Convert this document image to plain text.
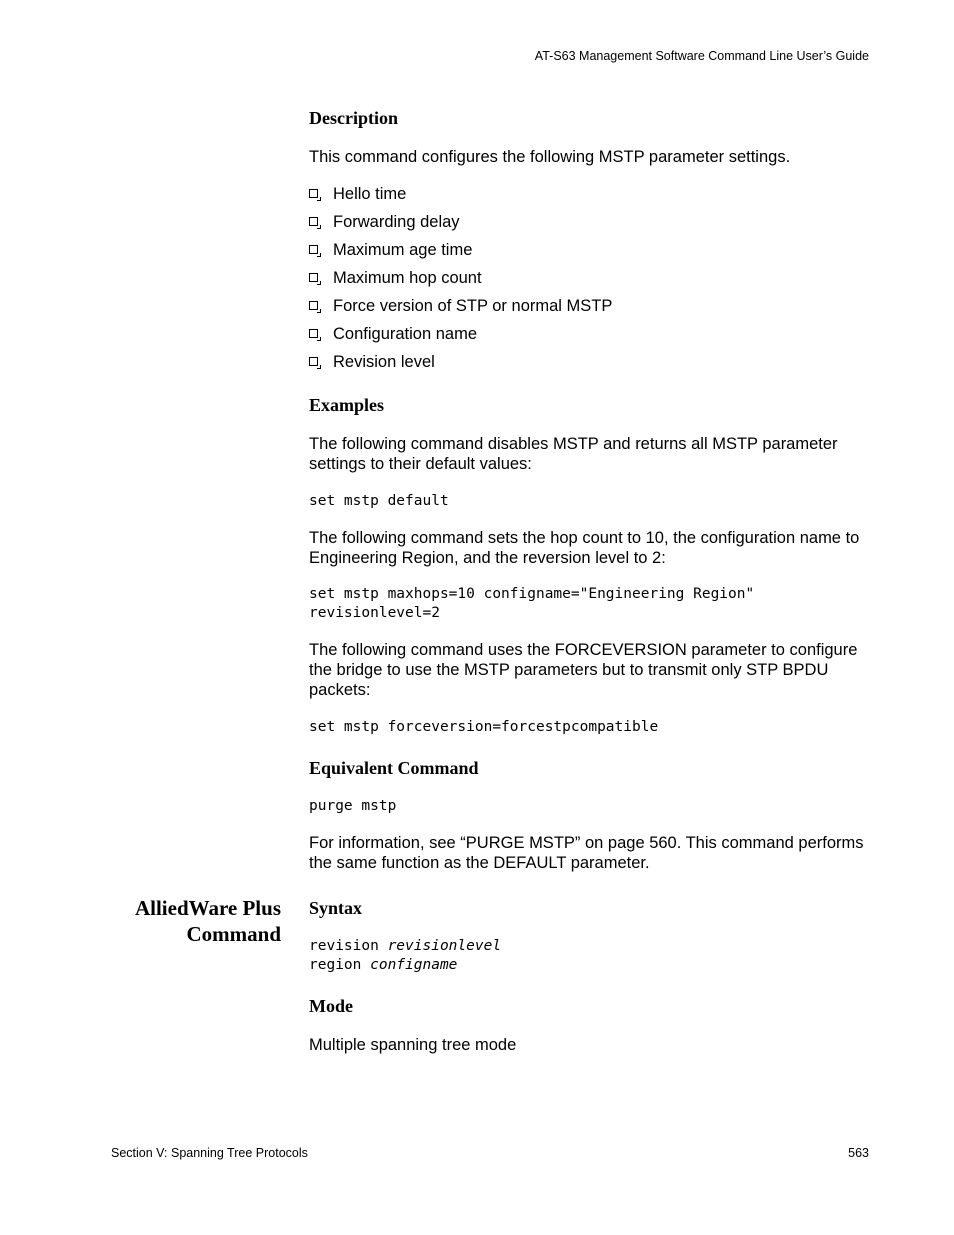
AT-S63 Management Software Command Line User’s Guide
Description
This command configures the following MSTP parameter settings.
Hello time
Forwarding delay
Maximum age time
Maximum hop count
Force version of STP or normal MSTP
Configuration name
Revision level
Examples
The following command disables MSTP and returns all MSTP parameter settings to their default values:
set mstp default
The following command sets the hop count to 10, the configuration name to Engineering Region, and the reversion level to 2:
set mstp maxhops=10 configname="Engineering Region"
revisionlevel=2
The following command uses the FORCEVERSION parameter to configure the bridge to use the MSTP parameters but to transmit only STP BPDU packets:
set mstp forceversion=forcestpcompatible
Equivalent Command
purge mstp
For information, see “PURGE MSTP” on page 560. This command performs the same function as the DEFAULT parameter.
AlliedWare Plus Command
Syntax
revision revisionlevel
region configname
Mode
Multiple spanning tree mode
Section V: Spanning Tree Protocols	563
